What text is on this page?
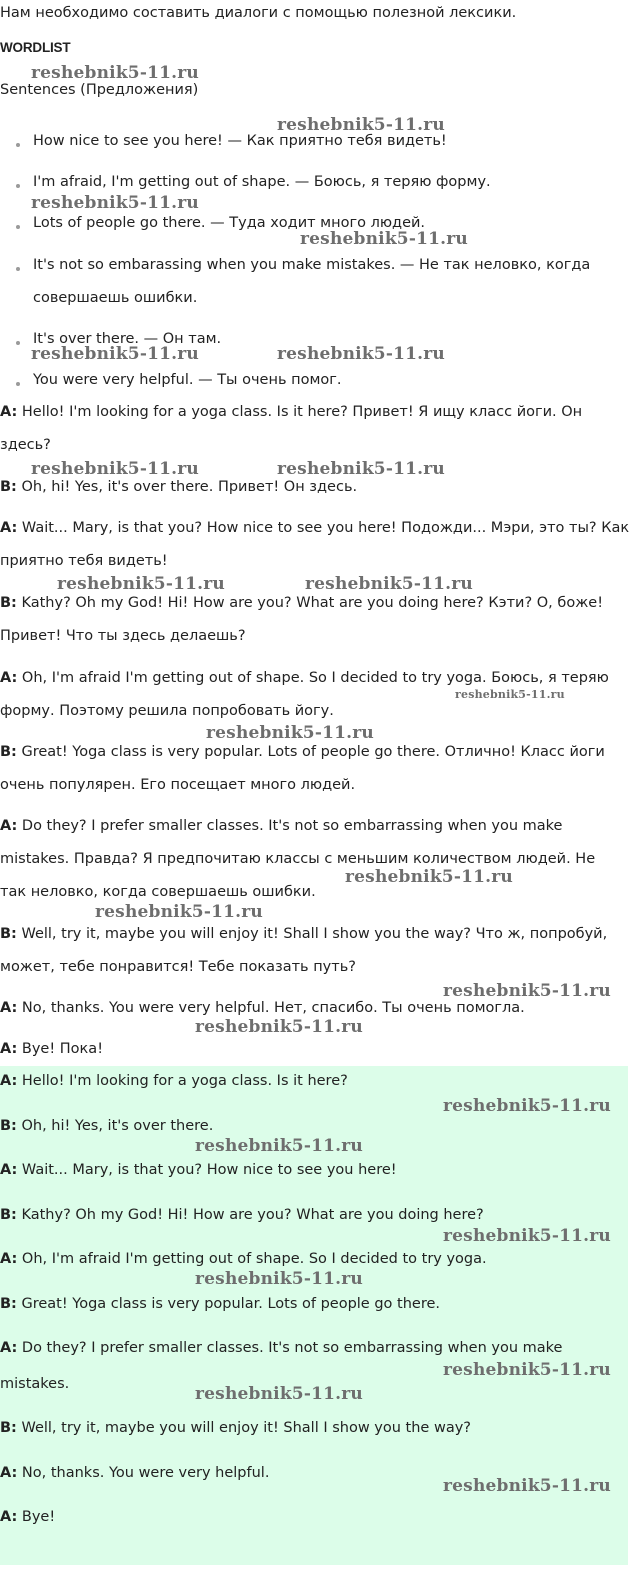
Нам необходимо составить диалоги с помощью полезной лексики.
WORDLIST
Sentences (Предложения)
How nice to see you here! — Как приятно тебя видеть!
I'm afraid, I'm getting out of shape. — Боюсь, я теряю форму.
Lots of people go there. — Туда ходит много людей.
It's not so embarassing when you make mistakes. — Не так неловко, когда
совершаешь ошибки.
It's over there. — Он там.
You were very helpful. — Ты очень помог.
A: Hello! I'm looking for a yoga class. Is it here? Привет! Я ищу класс йоги. Он
здесь?
B: Oh, hi! Yes, it's over there. Привет! Он здесь.
A: Wait... Mary, is that you? How nice to see you here! Подожди... Мэри, это ты? Как
приятно тебя видеть!
B: Kathy? Oh my God! Hi! How are you? What are you doing here? Кэти? О, боже!
Привет! Что ты здесь делаешь?
A: Oh, I'm afraid I'm getting out of shape. So I decided to try yoga. Боюсь, я теряю
форму. Поэтому решила попробовать йогу.
B: Great! Yoga class is very popular. Lots of people go there. Отлично! Класс йоги
очень популярен. Его посещает много людей.
A: Do they? I prefer smaller classes. It's not so embarrassing when you make
mistakes. Правда? Я предпочитаю классы с меньшим количеством людей. Не
так неловко, когда совершаешь ошибки.
B: Well, try it, maybe you will enjoy it! Shall I show you the way? Что ж, попробуй,
может, тебе понравится! Тебе показать путь?
A: No, thanks. You were very helpful. Нет, спасибо. Ты очень помогла.
A: Bye! Пока!
A: Hello! I'm looking for a yoga class. Is it here?
B: Oh, hi! Yes, it's over there.
A: Wait... Mary, is that you? How nice to see you here!
B: Kathy? Oh my God! Hi! How are you? What are you doing here?
A: Oh, I'm afraid I'm getting out of shape. So I decided to try yoga.
B: Great! Yoga class is very popular. Lots of people go there.
A: Do they? I prefer smaller classes. It's not so embarrassing when you make
mistakes.
B: Well, try it, maybe you will enjoy it! Shall I show you the way?
A: No, thanks. You were very helpful.
A: Bye!
reshebnik5-11.ru
reshebnik5-11.ru
reshebnik5-11.ru
reshebnik5-11.ru
reshebnik5-11.ru	reshebnik5-11.ru
reshebnik5-11.ru	reshebnik5-11.ru
reshebnik5-11.ru	reshebnik5-11.ru
reshebnik5-11.ru
reshebnik5-11.ru
reshebnik5-11.ru
reshebnik5-11.ru
reshebnik5-11.ru
reshebnik5-11.ru
reshebnik5-11.ru
reshebnik5-11.ru
reshebnik5-11.ru
reshebnik5-11.ru
reshebnik5-11.ru
reshebnik5-11.ru
reshebnik5-11.ru
